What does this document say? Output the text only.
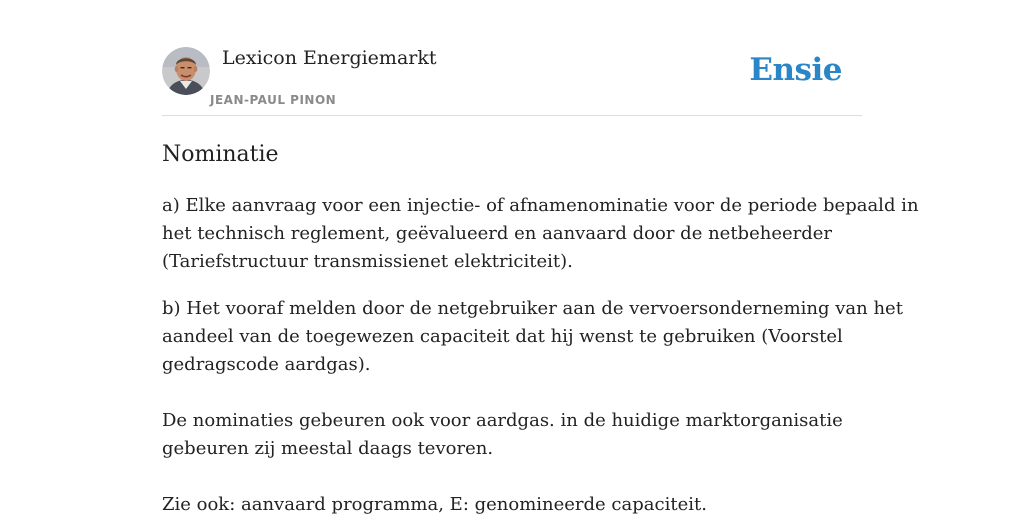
Lexicon Energiemarkt
JEAN-PAUL PINON
Ensie
Nominatie

a) Elke aanvraag voor een injectie- of afnamenominatie voor de periode bepaald in
het technisch reglement, geëvalueerd en aanvaard door de netbeheerder
(Tariefstructuur transmissienet elektriciteit).

b) Het vooraf melden door de netgebruiker aan de vervoersonderneming van het
aandeel van de toegewezen capaciteit dat hij wenst te gebruiken (Voorstel
gedragscode aardgas).

De nominaties gebeuren ook voor aardgas. in de huidige marktorganisatie
gebeuren zij meestal daags tevoren.

Zie ook: aanvaard programma, E: genomineerde capaciteit.
